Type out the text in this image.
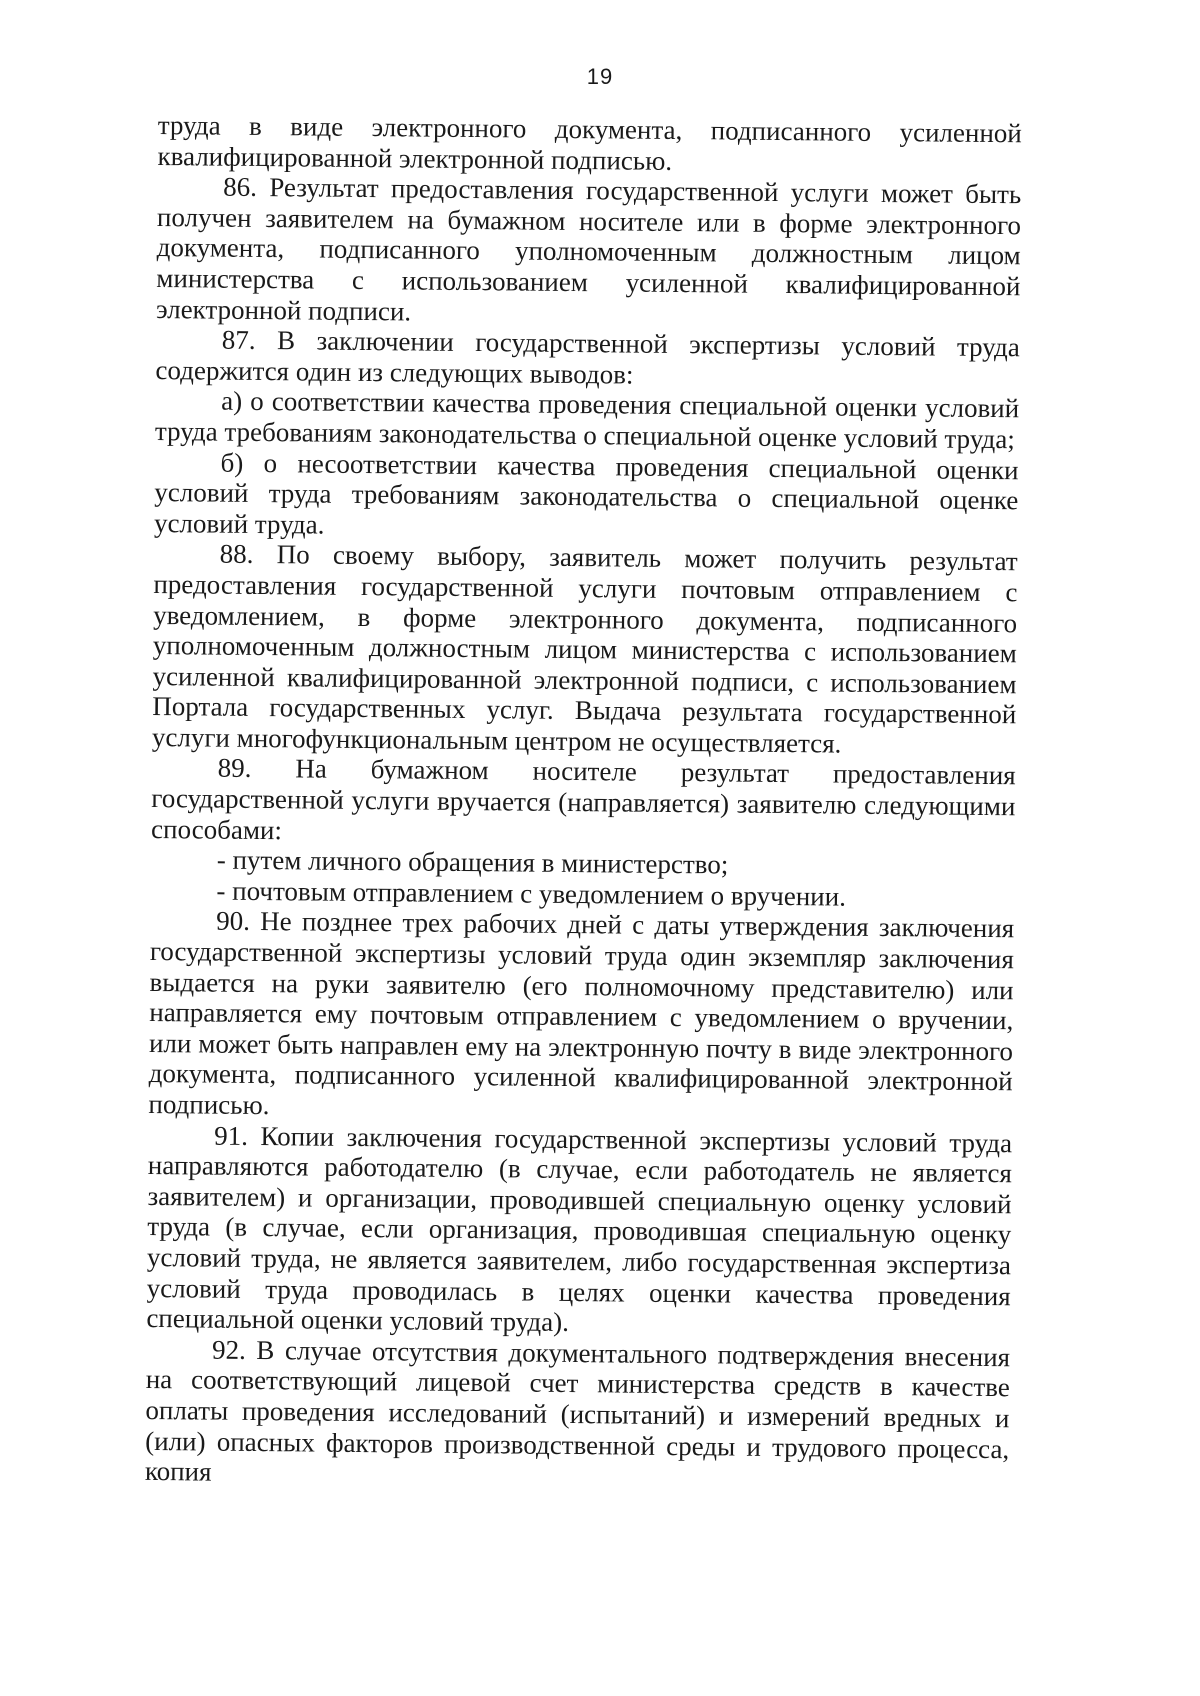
19

труда в виде электронного документа, подписанного усиленной квалифицированной электронной подписью.

86. Результат предоставления государственной услуги может быть получен заявителем на бумажном носителе или в форме электронного документа, подписанного уполномоченным должностным лицом министерства с использованием усиленной квалифицированной электронной подписи.

87. В заключении государственной экспертизы условий труда содержится один из следующих выводов:

а) о соответствии качества проведения специальной оценки условий труда требованиям законодательства о специальной оценке условий труда;

б) о несоответствии качества проведения специальной оценки условий труда требованиям законодательства о специальной оценке условий труда.

88. По своему выбору, заявитель может получить результат предоставления государственной услуги почтовым отправлением с уведомлением, в форме электронного документа, подписанного уполномоченным должностным лицом министерства с использованием усиленной квалифицированной электронной подписи, с использованием Портала государственных услуг. Выдача результата государственной услуги многофункциональным центром не осуществляется.

89. На бумажном носителе результат предоставления государственной услуги вручается (направляется) заявителю следующими способами:

- путем личного обращения в министерство;

- почтовым отправлением с уведомлением о вручении.

90. Не позднее трех рабочих дней с даты утверждения заключения государственной экспертизы условий труда один экземпляр заключения выдается на руки заявителю (его полномочному представителю) или направляется ему почтовым отправлением с уведомлением о вручении, или может быть направлен ему на электронную почту в виде электронного документа, подписанного усиленной квалифицированной электронной подписью.

91. Копии заключения государственной экспертизы условий труда направляются работодателю (в случае, если работодатель не является заявителем) и организации, проводившей специальную оценку условий труда (в случае, если организация, проводившая специальную оценку условий труда, не является заявителем, либо государственная экспертиза условий труда проводилась в целях оценки качества проведения специальной оценки условий труда).

92. В случае отсутствия документального подтверждения внесения на соответствующий лицевой счет министерства средств в качестве оплаты проведения исследований (испытаний) и измерений вредных и (или) опасных факторов производственной среды и трудового процесса, копия
